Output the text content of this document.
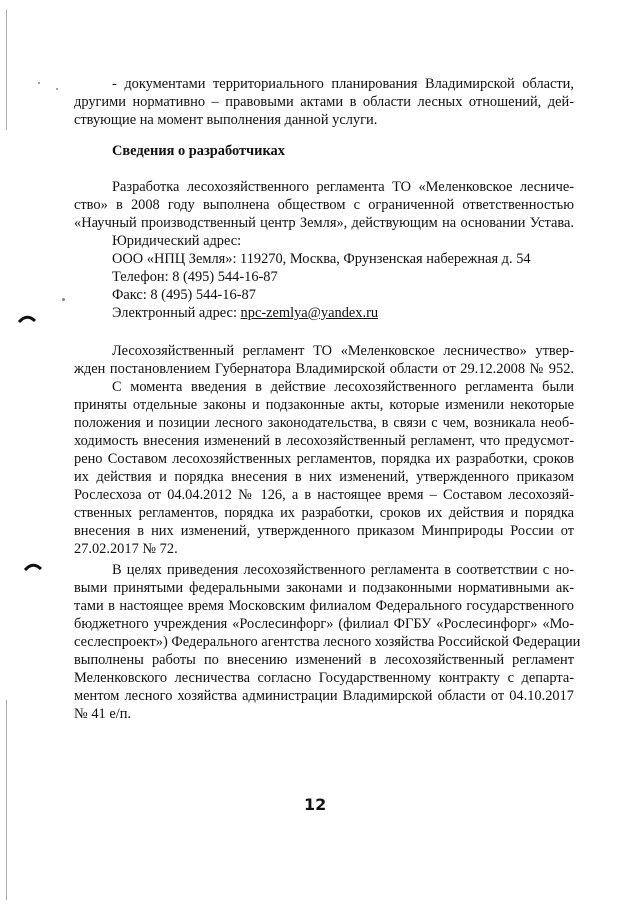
- документами территориального планирования Владимирской области,
другими нормативно – правовыми актами в области лесных отношений, дей-
ствующие на момент выполнения данной услуги.
Сведения о разработчиках
Разработка лесохозяйственного регламента ТО «Меленковское лесниче-
ство» в 2008 году выполнена обществом с ограниченной ответственностью
«Научный производственный центр Земля», действующим на основании Устава.
Юридический адрес:
ООО «НПЦ Земля»: 119270, Москва, Фрунзенская набережная д. 54
Телефон: 8 (495) 544-16-87
Факс: 8 (495) 544-16-87
Электронный адрес: npc-zemlya@yandex.ru
Лесохозяйственный регламент ТО «Меленковское лесничество» утвер-
жден постановлением Губернатора Владимирской области от 29.12.2008 № 952.
С момента введения в действие лесохозяйственного регламента были
приняты отдельные законы и подзаконные акты, которые изменили некоторые
положения и позиции лесного законодательства, в связи с чем, возникала необ-
ходимость внесения изменений в лесохозяйственный регламент, что предусмот-
рено Составом лесохозяйственных регламентов, порядка их разработки, сроков
их действия и порядка внесения в них изменений, утвержденного приказом
Рослесхоза от 04.04.2012 № 126, а в настоящее время – Составом лесохозяй-
ственных регламентов, порядка их разработки, сроков их действия и порядка
внесения в них изменений, утвержденного приказом Минприроды России от
27.02.2017 № 72.
В целях приведения лесохозяйственного регламента в соответствии с но-
выми принятыми федеральными законами и подзаконными нормативными ак-
тами в настоящее время Московским филиалом Федерального государственного
бюджетного учреждения «Рослесинфорг» (филиал ФГБУ «Рослесинфорг» «Мо-
сеслеспроект») Федерального агентства лесного хозяйства Российской Федерации
выполнены работы по внесению изменений в лесохозяйственный регламент
Меленковского лесничества согласно Государственному контракту с департа-
ментом лесного хозяйства администрации Владимирской области от 04.10.2017
№ 41 е/п.
12
